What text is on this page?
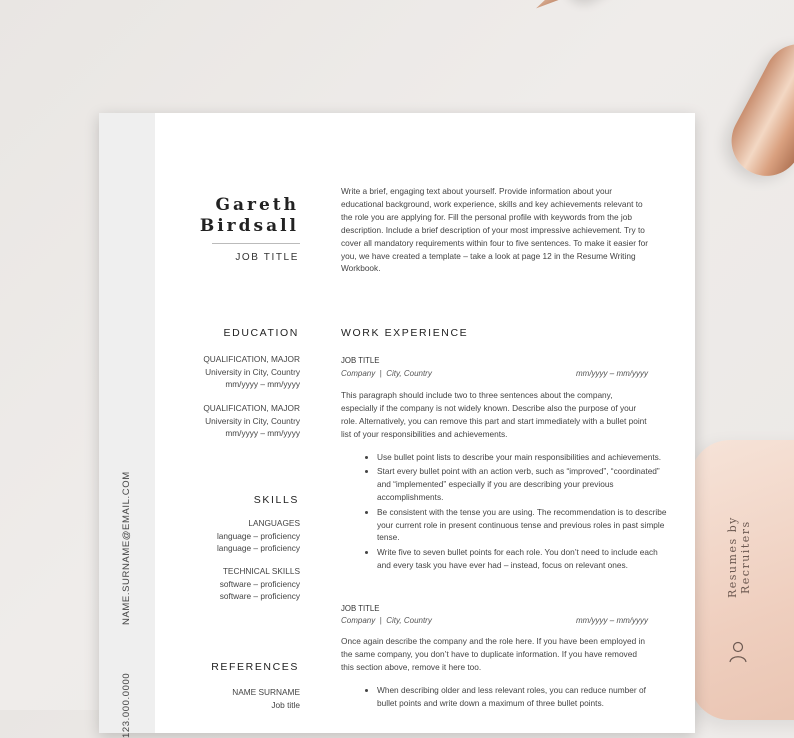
Resumes by Recruiters
NAME.SURNAME@EMAIL.COM
123.000.0000
Gareth
Birdsall
JOB TITLE
Write a brief, engaging text about yourself. Provide information about your educational background, work experience, skills and key achievements relevant to the role you are applying for. Fill the personal profile with keywords from the job description. Include a brief description of your most impressive achievement. Try to cover all mandatory requirements within four to five sentences. To make it easier for you, we have created a template – take a look at page 12 in the Resume Writing Workbook.
EDUCATION
QUALIFICATION, MAJOR
University in City, Country
mm/yyyy – mm/yyyy
QUALIFICATION, MAJOR
University in City, Country
mm/yyyy – mm/yyyy
SKILLS
LANGUAGES
language – proficiency
language – proficiency
TECHNICAL SKILLS
software – proficiency
software – proficiency
REFERENCES
NAME SURNAME
Job title
WORK EXPERIENCE
JOB TITLE
Company  |  City, Country	mm/yyyy – mm/yyyy
This paragraph should include two to three sentences about the company, especially if the company is not widely known. Describe also the purpose of your role. Alternatively, you can remove this part and start immediately with a bullet point list of your responsibilities and achievements.
• Use bullet point lists to describe your main responsibilities and achievements.
• Start every bullet point with an action verb, such as “improved”, “coordinated” and “implemented” especially if you are describing your previous accomplishments.
• Be consistent with the tense you are using. The recommendation is to describe your current role in present continuous tense and previous roles in past simple tense.
• Write five to seven bullet points for each role. You don’t need to include each and every task you have ever had – instead, focus on relevant ones.
JOB TITLE
Company  |  City, Country	mm/yyyy – mm/yyyy
Once again describe the company and the role here. If you have been employed in the same company, you don’t have to duplicate information. If you have removed this section above, remove it here too.
• When describing older and less relevant roles, you can reduce number of bullet points and write down a maximum of three bullet points.
